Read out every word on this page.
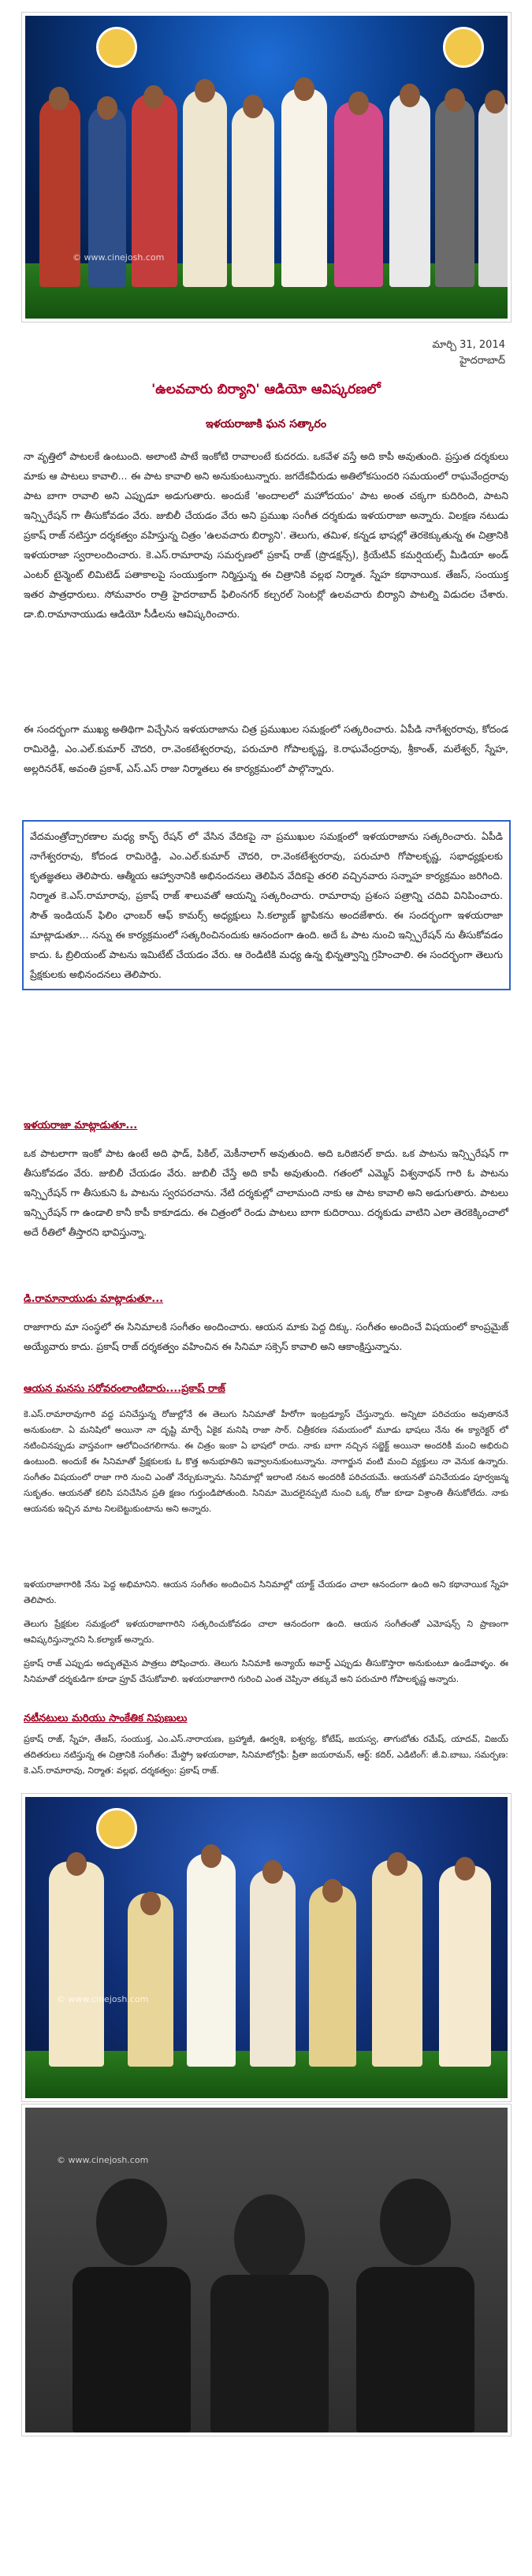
© www.cinejosh.com
మార్చి 31, 2014
హైదరాబాద్
'ఉలవచారు బిర్యాని' ఆడియో ఆవిష్కరణలో
ఇళయరాజాకి ఘన సత్కారం
నా వృత్తిలో పాటలకే ఉంటుంది. అలాంటి పాటే ఇంకోటి రావాలంటే కుదరదు. ఒకవేళ వస్తే అది కాపీ అవుతుంది. ప్రస్తుత దర్శకులు మాకు ఆ పాటలు కావాలి... ఈ పాట కావాలి అని అనుకుంటున్నారు. జగదేకవీరుడు అతిలోకసుందరి సమయంలో రాఘవేంద్రరావు పాట బాగా రావాలి అని ఎప్పుడూ అడుగుతారు. అందుకే 'అందాలలో మహోదయం' పాట అంత చక్కగా కుదిరింది, పాటని ఇన్స్పిరేషన్ గా తీసుకోవడం వేరు. జుబిలీ చేయడం వేరు అని ప్రముఖ సంగీత దర్శకుడు ఇళయరాజా అన్నారు. విలక్షణ నటుడు ప్రకాష్ రాజ్ నటిస్తూ దర్శకత్వం వహిస్తున్న చిత్రం 'ఉలవచారు బిర్యాని'. తెలుగు, తమిళ, కన్నడ భాషల్లో తెరకెక్కుతున్న ఈ చిత్రానికి ఇళయరాజా స్వరాలందించారు. కె.ఎస్.రామారావు సమర్పణలో ప్రకాష్ రాజ్ (ప్రొడక్షన్స్), క్రియేటివ్ కమర్షియల్స్ మీడియా అండ్ ఎంటర్ టైన్మెంట్ లిమిటెడ్ పతాకాలపై సంయుక్తంగా నిర్మిస్తున్న ఈ చిత్రానికి వల్లభ నిర్మాత. స్నేహ కథానాయిక. తేజస్, సంయుక్త ఇతర పాత్రధారులు. సోమవారం రాత్రి హైదరాబాద్ ఫిలింనగర్ కల్చరల్ సెంటర్లో ఉలవచారు బిర్యాని పాటల్ని విడుదల చేశారు. డా.బి.రామానాయుడు ఆడియో సీడీలను ఆవిష్కరించారు.
ఈ సందర్భంగా ముఖ్య అతిథిగా విచ్చేసిన ఇళయరాజాను చిత్ర ప్రముఖుల సమక్షంలో సత్కరించారు. ఏపీడి నాగేశ్వరరావు, కోదండ రామిరెడ్డి, ఎం.ఎల్.కుమార్ చౌదరి, రా.వెంకటేశ్వరరావు, పరుచూరి గోపాలకృష్ణ, కె.రాఘవేంద్రరావు, శ్రీకాంత్, మలేశ్వర్, స్నేహ, అల్లరినరేశ్, అవంతి ప్రకాశ్, ఎస్.ఎస్ రాజు నిర్మాతలు ఈ కార్యక్రమంలో పాల్గొన్నారు.
వేదమంత్రోచ్చారణాల మధ్య కాన్ఫ్ రేషన్ లో వేసిన వేదికపై నా ప్రముఖుల సమక్షంలో ఇళయరాజాను సత్కరించారు. ఏపీడి నాగేశ్వరరావు, కోదండ రామిరెడ్డి, ఎం.ఎల్.కుమార్ చౌదరి, రా.వెంకటేశ్వరరావు, పరుచూరి గోపాలకృష్ణ, సభాధ్యక్షులకు కృతజ్ఞతలు తెలిపారు. ఆత్మీయ ఆహ్వానానికి అభినందనలు తెలిపిన వేదికపై తరలి వచ్చినవారు సన్నాహ కార్యక్రమం జరిగింది. నిర్మాత కె.ఎస్.రామారావు, ప్రకాష్ రాజ్ శాలువతో ఆయన్ని సత్కరించారు. రామారావు ప్రశంస పత్రాన్ని చదివి వినిపించారు. సౌత్ ఇండియన్ ఫిలిం ఛాంబర్ ఆఫ్ కామర్స్ అధ్యక్షులు సి.కల్యాణ్ జ్ఞాపికను అందజేశారు. ఈ సందర్భంగా ఇళయరాజా మాట్లాడుతూ... నన్ను ఈ కార్యక్రమంలో సత్కరించినందుకు ఆనందంగా ఉంది. అదే ఓ పాట నుంచి ఇన్స్పిరేషన్ ను తీసుకోవడం కాదు. ఓ బ్రిలియంట్ పాటను ఇమిటేట్ చేయడం వేరు. ఆ రెండిటికి మధ్య ఉన్న భిన్నత్వాన్ని గ్రహించాలి. ఈ సందర్భంగా తెలుగు ప్రేక్షకులకు అభినందనలు తెలిపారు.
ఇళయరాజా మాట్లాడుతూ...
ఒక పాటలాగా ఇంకో పాట ఉంటే అది ఫాడ్, పికిల్, మెకీనాలాగ్ అవుతుంది. అది ఒరిజినల్ కాదు. ఒక పాటను ఇన్స్పిరేషన్ గా తీసుకోవడం వేరు. జుబిలీ చేయడం వేరు. జుబిలీ చేస్తే అది కాపీ అవుతుంది. గతంలో ఎమ్మెస్ విశ్వనాథన్ గారి ఓ పాటను ఇన్స్పిరేషన్ గా తీసుకుని ఓ పాటను స్వరపరచాను. నేటి దర్శకుల్లో చాలామంది నాకు ఆ పాట కావాలి అని అడుగుతారు. పాటలు ఇన్స్పిరేషన్ గా ఉండాలి కానీ కాపీ కాకూడదు. ఈ చిత్రంలో రెండు పాటలు బాగా కుదిరాయి. దర్శకుడు వాటిని ఎలా తెరకెక్కించాలో అదే రీతిలో తీస్తారని భావిస్తున్నా.
డి.రామానాయుడు మాట్లాడుతూ...
రాజాగారు మా సంస్థలో ఈ సినిమాలకి సంగీతం అందించారు. ఆయన మాకు పెద్ద దిక్కు. సంగీతం అందించే విషయంలో కాంప్రమైజ్ అయ్యేవారు కాదు. ప్రకాష్ రాజ్ దర్శకత్వం వహించిన ఈ సినిమా సక్సెస్ కావాలి అని ఆకాంక్షిస్తున్నాను.
ఆయన మనసు సరోవరంలాంటిదారు....ప్రకాష్ రాజ్
కె.ఎస్.రామారావుగారి వద్ద పనిచేస్తున్న రోజుల్లోనే ఈ తెలుగు సినిమాతో హీరోగా ఇంట్రడ్యూస్ చేస్తున్నారు. అన్నిటా పరిచయం అవుతాననే అనుకుంటా. ఏ మనిషిలో అయినా నా దృష్టి మార్చే ఏకైక మనిషి రాజా సార్. చిత్రీకరణ సమయంలో మూడు భాషలు నేను ఈ క్యారెక్టర్ లో నటించినప్పుడు వాస్తవంగా ఆలోచించగలిగాను. ఈ చిత్రం ఇంకా ఏ భాషలో రాదు. నాకు బాగా నచ్చిన సబ్జెక్ట్ అయినా అందరికీ మంచి అభిరుచి ఉంటుంది. అందుకే ఈ సినిమాతో ప్రేక్షకులకు ఓ కొత్త అనుభూతిని ఇవ్వాలనుకుంటున్నాను. నాగార్జున వంటి మంచి వ్యక్తులు నా వెనుక ఉన్నారు. సంగీతం విషయంలో రాజా గారి నుంచి ఎంతో నేర్చుకున్నాను. సినిమాల్లో ఇలాంటి నటన అందరికీ పరిచయమే. ఆయనతో పనిచేయడం పూర్వజన్మ సుకృతం. ఆయనతో కలిసి పనిచేసిన ప్రతి క్షణం గుర్తుండిపోతుంది. సినిమా మొదలైనప్పటి నుంచి ఒక్క రోజు కూడా విశ్రాంతి తీసుకోలేదు. నాకు ఆయనకు ఇచ్చిన మాట నిలబెట్టుకుంటాను అని అన్నారు.
ఇళయరాజాగారికి నేను పెద్ద అభిమానిని. ఆయన సంగీతం అందించిన సినిమాల్లో యాక్ట్ చేయడం చాలా ఆనందంగా ఉంది అని కథానాయిక స్నేహ తెలిపారు.
తెలుగు ప్రేక్షకుల సమక్షంలో ఇళయరాజాగారిని సత్కరించుకోవడం చాలా ఆనందంగా ఉంది. ఆయన సంగీతంతో ఎమోషన్స్ ని ప్రాణంగా ఆవిష్కరిస్తున్నారని సి.కల్యాణ్ అన్నారు.
ప్రకాష్ రాజ్ ఎప్పుడు అద్భుతమైన పాత్రలు పోషించారు. తెలుగు సినిమాకి అన్యాయ్ అవార్డ్ ఎప్పుడు తీసుకొస్తారా అనుకుంటూ ఉండేవాళ్ళం. ఈ సినిమాతో దర్శకుడిగా కూడా ప్రూవ్ చేసుకోవాలి. ఇళయరాజాగారి గురించి ఎంత చెప్పినా తక్కువే అని పరుచూరి గోపాలకృష్ణ అన్నారు.
నటీనటులు మరియు సాంకేతిక నిపుణులు
ప్రకాష్ రాజ్, స్నేహ, తేజస్, సంయుక్త, ఎం.ఎస్.నారాయణ, బ్రహ్మాజీ, ఊర్వశి, ఐశ్వర్య, కోటేష్, జయస్వ, తాగుబోతు రమేష్, యాదవ్, విజయ్ తదితరులు నటిస్తున్న ఈ చిత్రానికి సంగీతం: మేస్ట్రో ఇళయరాజా, సినిమాటోగ్రఫీ: ప్రీతా జయరామన్, ఆర్ట్: కదిర్, ఎడిటింగ్: జీ.వి.బాబు, సమర్పణ: కె.ఎస్.రామారావు, నిర్మాత: వల్లభ, దర్శకత్వం: ప్రకాష్ రాజ్.
© www.cinejosh.com
© www.cinejosh.com
